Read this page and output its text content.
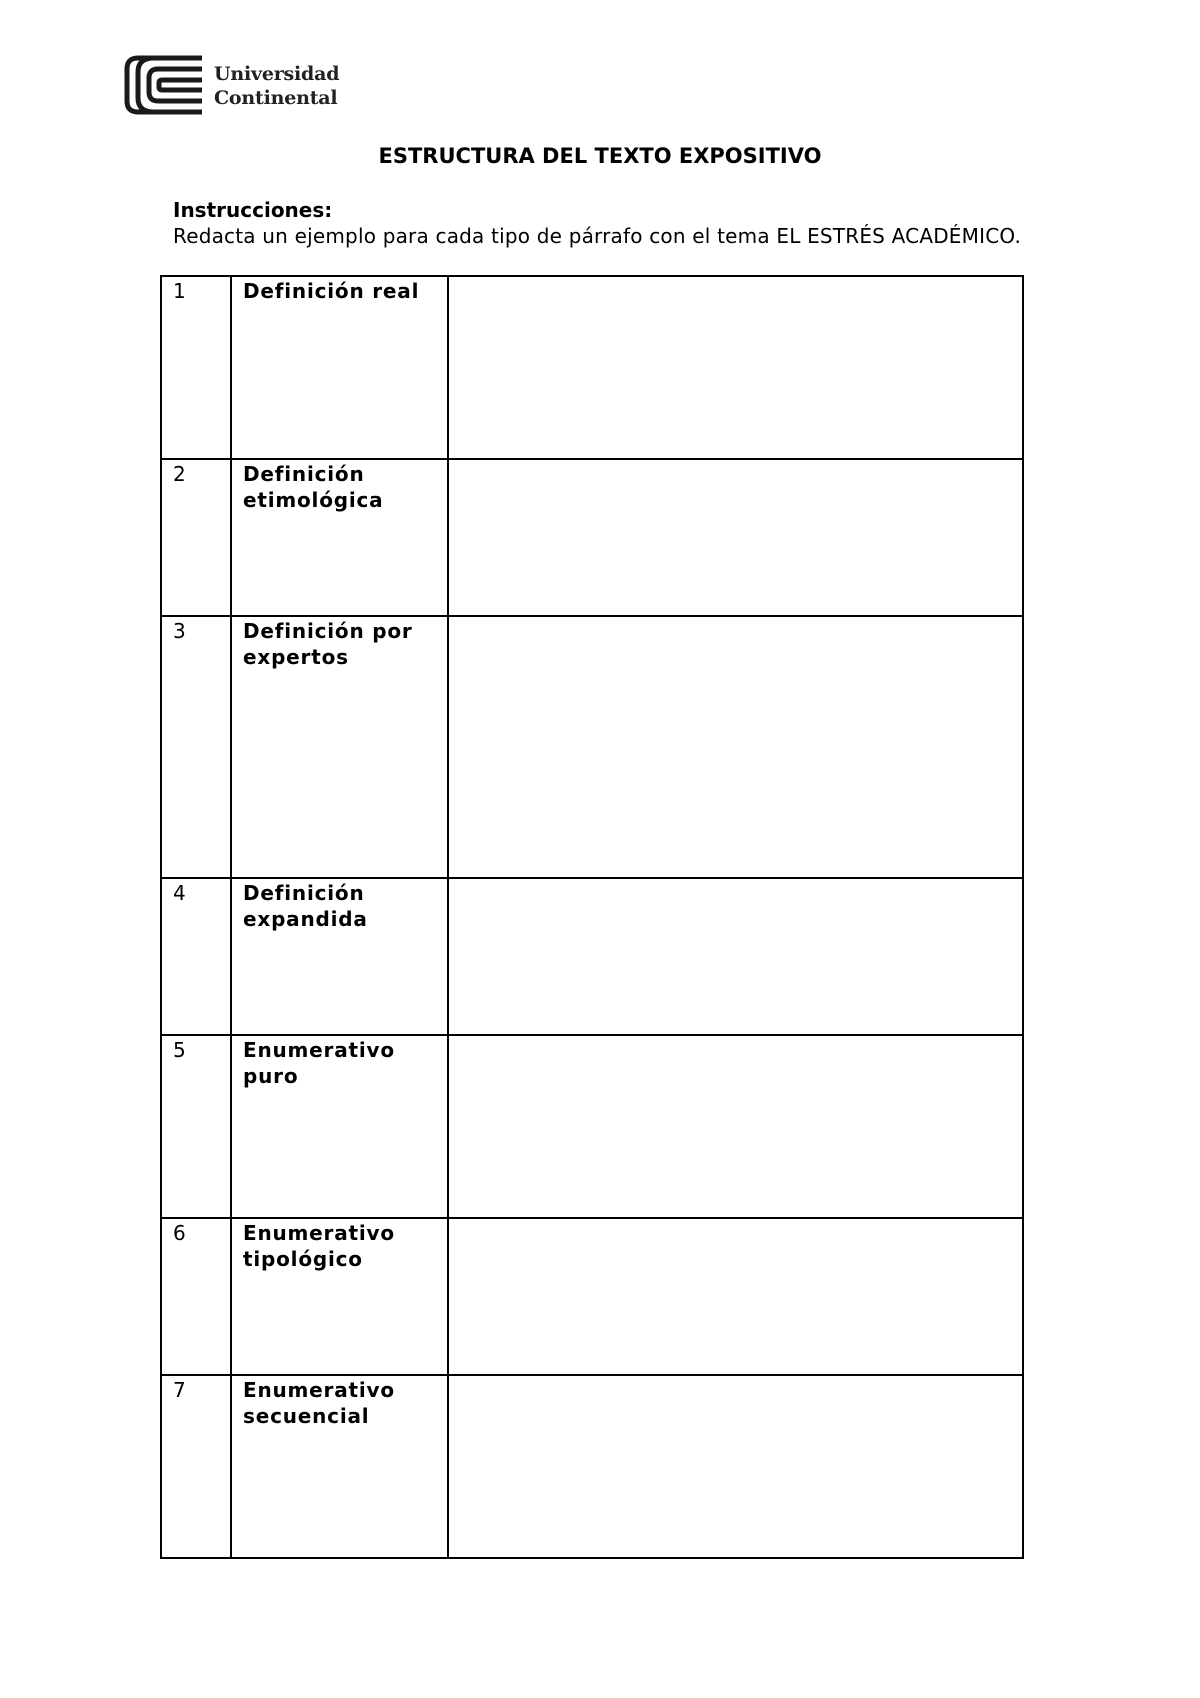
Universidad
Continental
ESTRUCTURA DEL TEXTO EXPOSITIVO
Instrucciones:
Redacta un ejemplo para cada tipo de párrafo con el tema EL ESTRÉS ACADÉMICO.
1	Definición real	
2	Definición etimológica	
3	Definición por expertos	
4	Definición expandida	
5	Enumerativo puro	
6	Enumerativo tipológico	
7	Enumerativo secuencial	
